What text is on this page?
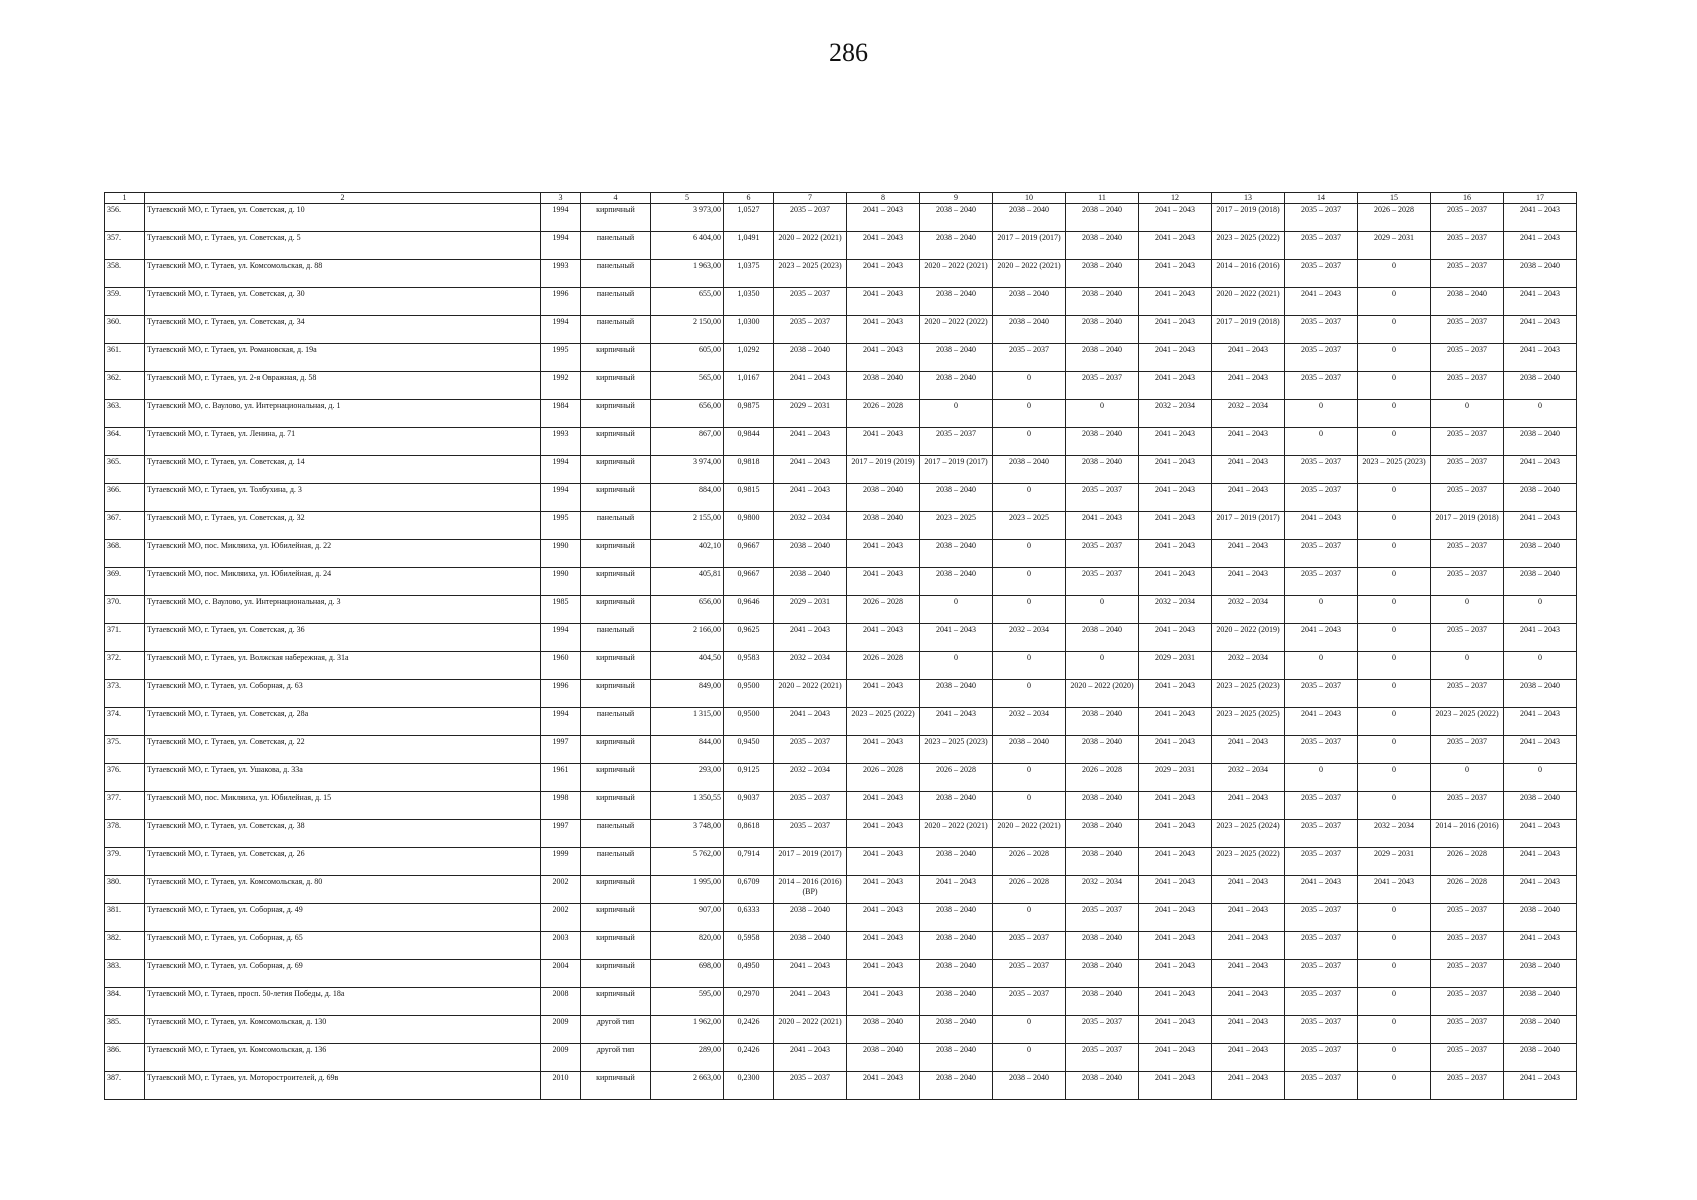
286
1	2	3	4	5	6	7	8	9	10	11	12	13	14	15	16	17
356.	Тутаевский МО, г. Тутаев, ул. Советская, д. 10	1994	кирпичный	3 973,00	1,0527	2035 – 2037	2041 – 2043	2038 – 2040	2038 – 2040	2038 – 2040	2041 – 2043	2017 – 2019 (2018)	2035 – 2037	2026 – 2028	2035 – 2037	2041 – 2043
357.	Тутаевский МО, г. Тутаев, ул. Советская, д. 5	1994	панельный	6 404,00	1,0491	2020 – 2022 (2021)	2041 – 2043	2038 – 2040	2017 – 2019 (2017)	2038 – 2040	2041 – 2043	2023 – 2025 (2022)	2035 – 2037	2029 – 2031	2035 – 2037	2041 – 2043
358.	Тутаевский МО, г. Тутаев, ул. Комсомольская, д. 88	1993	панельный	1 963,00	1,0375	2023 – 2025 (2023)	2041 – 2043	2020 – 2022 (2021)	2020 – 2022 (2021)	2038 – 2040	2041 – 2043	2014 – 2016 (2016)	2035 – 2037	0	2035 – 2037	2038 – 2040
359.	Тутаевский МО, г. Тутаев, ул. Советская, д. 30	1996	панельный	655,00	1,0350	2035 – 2037	2041 – 2043	2038 – 2040	2038 – 2040	2038 – 2040	2041 – 2043	2020 – 2022 (2021)	2041 – 2043	0	2038 – 2040	2041 – 2043
360.	Тутаевский МО, г. Тутаев, ул. Советская, д. 34	1994	панельный	2 150,00	1,0300	2035 – 2037	2041 – 2043	2020 – 2022 (2022)	2038 – 2040	2038 – 2040	2041 – 2043	2017 – 2019 (2018)	2035 – 2037	0	2035 – 2037	2041 – 2043
361.	Тутаевский МО, г. Тутаев, ул. Романовская, д. 19а	1995	кирпичный	605,00	1,0292	2038 – 2040	2041 – 2043	2038 – 2040	2035 – 2037	2038 – 2040	2041 – 2043	2041 – 2043	2035 – 2037	0	2035 – 2037	2041 – 2043
362.	Тутаевский МО, г. Тутаев, ул. 2-я Овражная, д. 58	1992	кирпичный	565,00	1,0167	2041 – 2043	2038 – 2040	2038 – 2040	0	2035 – 2037	2041 – 2043	2041 – 2043	2035 – 2037	0	2035 – 2037	2038 – 2040
363.	Тутаевский МО, с. Ваулово, ул. Интернациональная, д. 1	1984	кирпичный	656,00	0,9875	2029 – 2031	2026 – 2028	0	0	0	2032 – 2034	2032 – 2034	0	0	0	0
364.	Тутаевский МО, г. Тутаев, ул. Ленина, д. 71	1993	кирпичный	867,00	0,9844	2041 – 2043	2041 – 2043	2035 – 2037	0	2038 – 2040	2041 – 2043	2041 – 2043	0	0	2035 – 2037	2038 – 2040
365.	Тутаевский МО, г. Тутаев, ул. Советская, д. 14	1994	кирпичный	3 974,00	0,9818	2041 – 2043	2017 – 2019 (2019)	2017 – 2019 (2017)	2038 – 2040	2038 – 2040	2041 – 2043	2041 – 2043	2035 – 2037	2023 – 2025 (2023)	2035 – 2037	2041 – 2043
366.	Тутаевский МО, г. Тутаев, ул. Толбухина, д. 3	1994	кирпичный	884,00	0,9815	2041 – 2043	2038 – 2040	2038 – 2040	0	2035 – 2037	2041 – 2043	2041 – 2043	2035 – 2037	0	2035 – 2037	2038 – 2040
367.	Тутаевский МО, г. Тутаев, ул. Советская, д. 32	1995	панельный	2 155,00	0,9800	2032 – 2034	2038 – 2040	2023 – 2025	2023 – 2025	2041 – 2043	2041 – 2043	2017 – 2019 (2017)	2041 – 2043	0	2017 – 2019 (2018)	2041 – 2043
368.	Тутаевский МО, пос. Микляиха, ул. Юбилейная, д. 22	1990	кирпичный	402,10	0,9667	2038 – 2040	2041 – 2043	2038 – 2040	0	2035 – 2037	2041 – 2043	2041 – 2043	2035 – 2037	0	2035 – 2037	2038 – 2040
369.	Тутаевский МО, пос. Микляиха, ул. Юбилейная, д. 24	1990	кирпичный	405,81	0,9667	2038 – 2040	2041 – 2043	2038 – 2040	0	2035 – 2037	2041 – 2043	2041 – 2043	2035 – 2037	0	2035 – 2037	2038 – 2040
370.	Тутаевский МО, с. Ваулово, ул. Интернациональная, д. 3	1985	кирпичный	656,00	0,9646	2029 – 2031	2026 – 2028	0	0	0	2032 – 2034	2032 – 2034	0	0	0	0
371.	Тутаевский МО, г. Тутаев, ул. Советская, д. 36	1994	панельный	2 166,00	0,9625	2041 – 2043	2041 – 2043	2041 – 2043	2032 – 2034	2038 – 2040	2041 – 2043	2020 – 2022 (2019)	2041 – 2043	0	2035 – 2037	2041 – 2043
372.	Тутаевский МО, г. Тутаев, ул. Волжская набережная, д. 31а	1960	кирпичный	404,50	0,9583	2032 – 2034	2026 – 2028	0	0	0	2029 – 2031	2032 – 2034	0	0	0	0
373.	Тутаевский МО, г. Тутаев, ул. Соборная, д. 63	1996	кирпичный	849,00	0,9500	2020 – 2022 (2021)	2041 – 2043	2038 – 2040	0	2020 – 2022 (2020)	2041 – 2043	2023 – 2025 (2023)	2035 – 2037	0	2035 – 2037	2038 – 2040
374.	Тутаевский МО, г. Тутаев, ул. Советская, д. 28а	1994	панельный	1 315,00	0,9500	2041 – 2043	2023 – 2025 (2022)	2041 – 2043	2032 – 2034	2038 – 2040	2041 – 2043	2023 – 2025 (2025)	2041 – 2043	0	2023 – 2025 (2022)	2041 – 2043
375.	Тутаевский МО, г. Тутаев, ул. Советская, д. 22	1997	кирпичный	844,00	0,9450	2035 – 2037	2041 – 2043	2023 – 2025 (2023)	2038 – 2040	2038 – 2040	2041 – 2043	2041 – 2043	2035 – 2037	0	2035 – 2037	2041 – 2043
376.	Тутаевский МО, г. Тутаев, ул. Ушакова, д. 33а	1961	кирпичный	293,00	0,9125	2032 – 2034	2026 – 2028	2026 – 2028	0	2026 – 2028	2029 – 2031	2032 – 2034	0	0	0	0
377.	Тутаевский МО, пос. Микляиха, ул. Юбилейная, д. 15	1998	кирпичный	1 350,55	0,9037	2035 – 2037	2041 – 2043	2038 – 2040	0	2038 – 2040	2041 – 2043	2041 – 2043	2035 – 2037	0	2035 – 2037	2038 – 2040
378.	Тутаевский МО, г. Тутаев, ул. Советская, д. 38	1997	панельный	3 748,00	0,8618	2035 – 2037	2041 – 2043	2020 – 2022 (2021)	2020 – 2022 (2021)	2038 – 2040	2041 – 2043	2023 – 2025 (2024)	2035 – 2037	2032 – 2034	2014 – 2016 (2016)	2041 – 2043
379.	Тутаевский МО, г. Тутаев, ул. Советская, д. 26	1999	панельный	5 762,00	0,7914	2017 – 2019 (2017)	2041 – 2043	2038 – 2040	2026 – 2028	2038 – 2040	2041 – 2043	2023 – 2025 (2022)	2035 – 2037	2029 – 2031	2026 – 2028	2041 – 2043
380.	Тутаевский МО, г. Тутаев, ул. Комсомольская, д. 80	2002	кирпичный	1 995,00	0,6709	2014 – 2016 (2016) (ВР)	2041 – 2043	2041 – 2043	2026 – 2028	2032 – 2034	2041 – 2043	2041 – 2043	2041 – 2043	2041 – 2043	2026 – 2028	2041 – 2043
381.	Тутаевский МО, г. Тутаев, ул. Соборная, д. 49	2002	кирпичный	907,00	0,6333	2038 – 2040	2041 – 2043	2038 – 2040	0	2035 – 2037	2041 – 2043	2041 – 2043	2035 – 2037	0	2035 – 2037	2038 – 2040
382.	Тутаевский МО, г. Тутаев, ул. Соборная, д. 65	2003	кирпичный	820,00	0,5958	2038 – 2040	2041 – 2043	2038 – 2040	2035 – 2037	2038 – 2040	2041 – 2043	2041 – 2043	2035 – 2037	0	2035 – 2037	2041 – 2043
383.	Тутаевский МО, г. Тутаев, ул. Соборная, д. 69	2004	кирпичный	698,00	0,4950	2041 – 2043	2041 – 2043	2038 – 2040	2035 – 2037	2038 – 2040	2041 – 2043	2041 – 2043	2035 – 2037	0	2035 – 2037	2038 – 2040
384.	Тутаевский МО, г. Тутаев, просп. 50-летия Победы, д. 18а	2008	кирпичный	595,00	0,2970	2041 – 2043	2041 – 2043	2038 – 2040	2035 – 2037	2038 – 2040	2041 – 2043	2041 – 2043	2035 – 2037	0	2035 – 2037	2038 – 2040
385.	Тутаевский МО, г. Тутаев, ул. Комсомольская, д. 130	2009	другой тип	1 962,00	0,2426	2020 – 2022 (2021)	2038 – 2040	2038 – 2040	0	2035 – 2037	2041 – 2043	2041 – 2043	2035 – 2037	0	2035 – 2037	2038 – 2040
386.	Тутаевский МО, г. Тутаев, ул. Комсомольская, д. 136	2009	другой тип	289,00	0,2426	2041 – 2043	2038 – 2040	2038 – 2040	0	2035 – 2037	2041 – 2043	2041 – 2043	2035 – 2037	0	2035 – 2037	2038 – 2040
387.	Тутаевский МО, г. Тутаев, ул. Моторостроителей, д. 69в	2010	кирпичный	2 663,00	0,2300	2035 – 2037	2041 – 2043	2038 – 2040	2038 – 2040	2038 – 2040	2041 – 2043	2041 – 2043	2035 – 2037	0	2035 – 2037	2041 – 2043
